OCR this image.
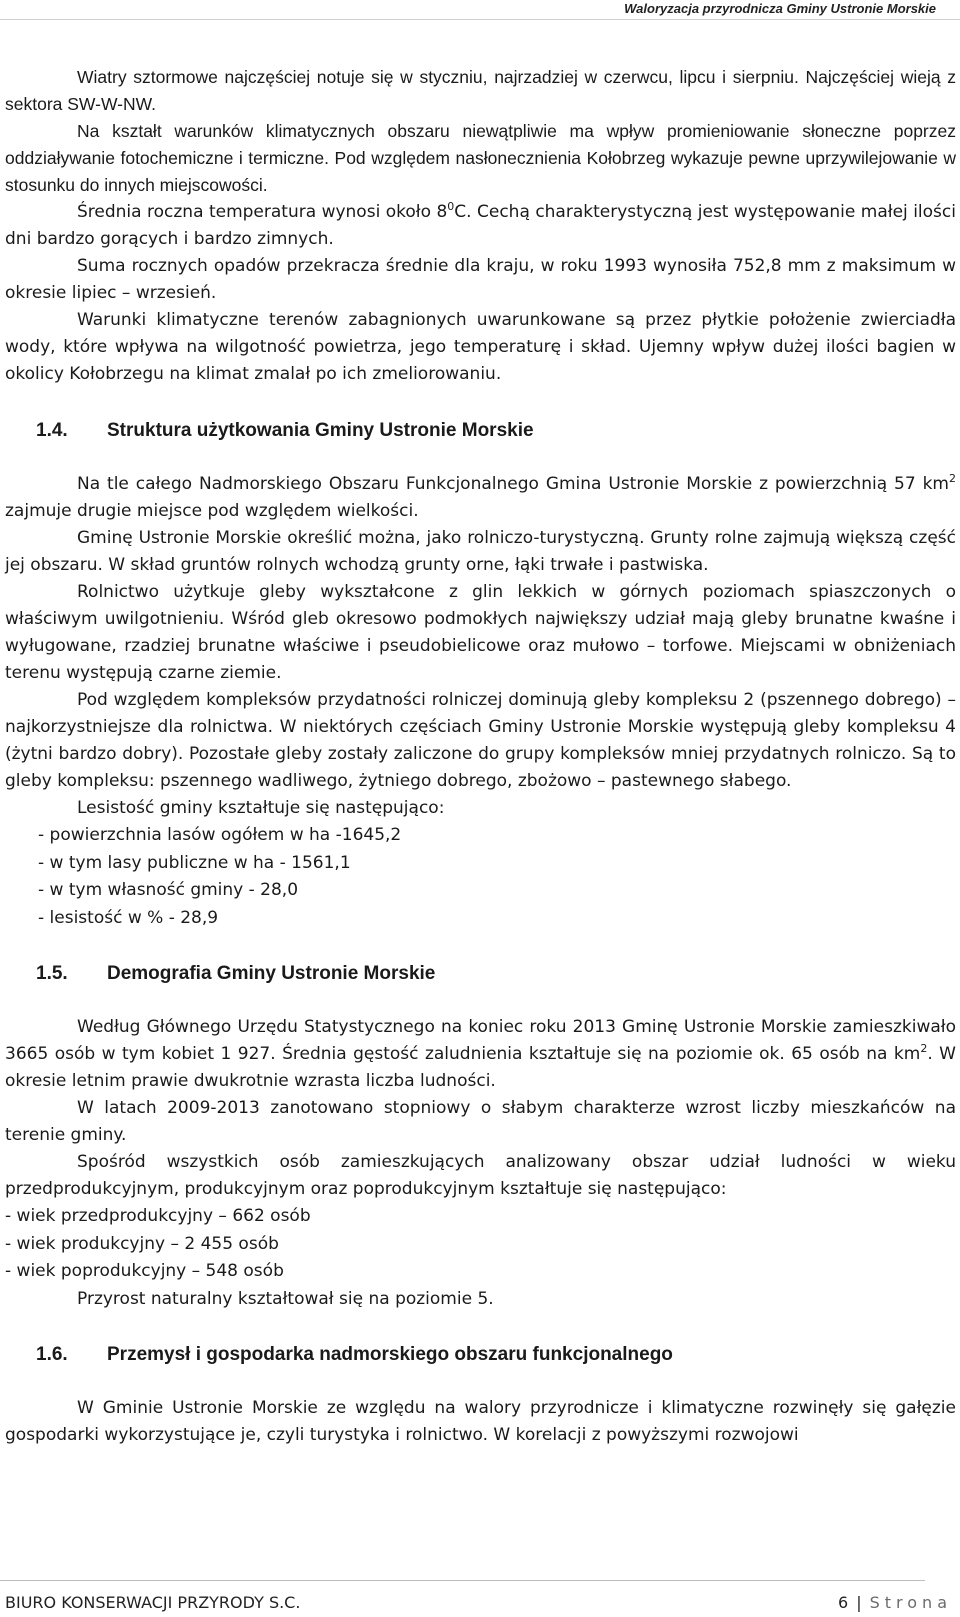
Waloryzacja przyrodnicza Gminy Ustronie Morskie

Wiatry sztormowe najczęściej notuje się w styczniu, najrzadziej w czerwcu, lipcu i sierpniu. Najczęściej wieją z sektora SW-W-NW.

Na kształt warunków klimatycznych obszaru niewątpliwie ma wpływ promieniowanie słoneczne poprzez oddziaływanie fotochemiczne i termiczne. Pod względem nasłonecznienia Kołobrzeg wykazuje pewne uprzywilejowanie w stosunku do innych miejscowości.

Średnia roczna temperatura wynosi około $8^0C$. Cechą charakterystyczną jest występowanie małej ilości dni bardzo gorących i bardzo zimnych.

Suma rocznych opadów przekracza średnie dla kraju, w roku 1993 wynosiła 752,8 mm z maksimum w okresie lipiec – wrzesień.

Warunki klimatyczne terenów zabagnionych uwarunkowane są przez płytkie położenie zwierciadła wody, które wpływa na wilgotność powietrza, jego temperaturę i skład. Ujemny wpływ dużej ilości bagien w okolicy Kołobrzegu na klimat zmalał po ich zmeliorowaniu.

1.4. Struktura użytkowania Gminy Ustronie Morskie

Na tle całego Nadmorskiego Obszaru Funkcjonalnego Gmina Ustronie Morskie z powierzchnią 57 $km^2$ zajmuje drugie miejsce pod względem wielkości.

Gminę Ustronie Morskie określić można, jako rolniczo-turystyczną. Grunty rolne zajmują większą część jej obszaru. W skład gruntów rolnych wchodzą grunty orne, łąki trwałe i pastwiska.

Rolnictwo użytkuje gleby wykształcone z glin lekkich w górnych poziomach spiaszczonych o właściwym uwilgotnieniu. Wśród gleb okresowo podmokłych największy udział mają gleby brunatne kwaśne i wyługowane, rzadziej brunatne właściwe i pseudobielicowe oraz mułowo – torfowe. Miejscami w obniżeniach terenu występują czarne ziemie.

Pod względem kompleksów przydatności rolniczej dominują gleby kompleksu 2 (pszennego dobrego) – najkorzystniejsze dla rolnictwa. W niektórych częściach Gminy Ustronie Morskie występują gleby kompleksu 4 (żytni bardzo dobry). Pozostałe gleby zostały zaliczone do grupy kompleksów mniej przydatnych rolniczo. Są to gleby kompleksu: pszennego wadliwego, żytniego dobrego, zbożowo – pastewnego słabego.

Lesistość gminy kształtuje się następująco:

- powierzchnia lasów ogółem w ha -1645,2

- w tym lasy publiczne w ha - 1561,1

- w tym własność gminy - 28,0

- lesistość w % - 28,9

1.5. Demografia Gminy Ustronie Morskie

Według Głównego Urzędu Statystycznego na koniec roku 2013 Gminę Ustronie Morskie zamieszkiwało 3665 osób w tym kobiet 1 927. Średnia gęstość zaludnienia kształtuje się na poziomie ok. 65 osób na $km^2$. W okresie letnim prawie dwukrotnie wzrasta liczba ludności.

W latach 2009-2013 zanotowano stopniowy o słabym charakterze wzrost liczby mieszkańców na terenie gminy.

Spośród wszystkich osób zamieszkujących analizowany obszar udział ludności w wieku przedprodukcyjnym, produkcyjnym oraz poprodukcyjnym kształtuje się następująco:

- wiek przedprodukcyjny – 662 osób

- wiek produkcyjny – 2 455 osób

- wiek poprodukcyjny – 548 osób

Przyrost naturalny kształtował się na poziomie 5.

1.6. Przemysł i gospodarka nadmorskiego obszaru funkcjonalnego

W Gminie Ustronie Morskie ze względu na walory przyrodnicze i klimatyczne rozwinęły się gałęzie gospodarki wykorzystujące je, czyli turystyka i rolnictwo. W korelacji z powyższymi rozwojowi

BIURO KONSERWACJI PRZYRODY S.C.	6 | Strona
